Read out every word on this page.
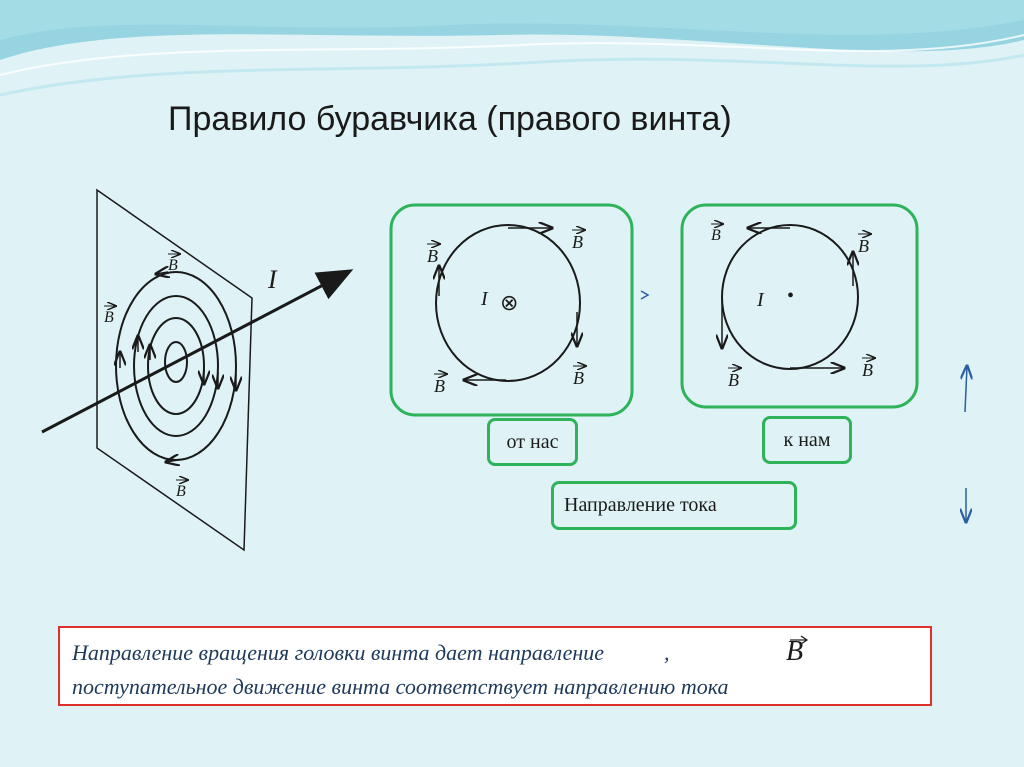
Правило буравчика (правого винта)
I
B
B
B
I ⊗
B
B
B	B
I •
B
B
B	B
от нас	к нам
Направление тока
Направление вращения головки винта дает направление	,
поступательное движение винта соответствует направлению тока
B
